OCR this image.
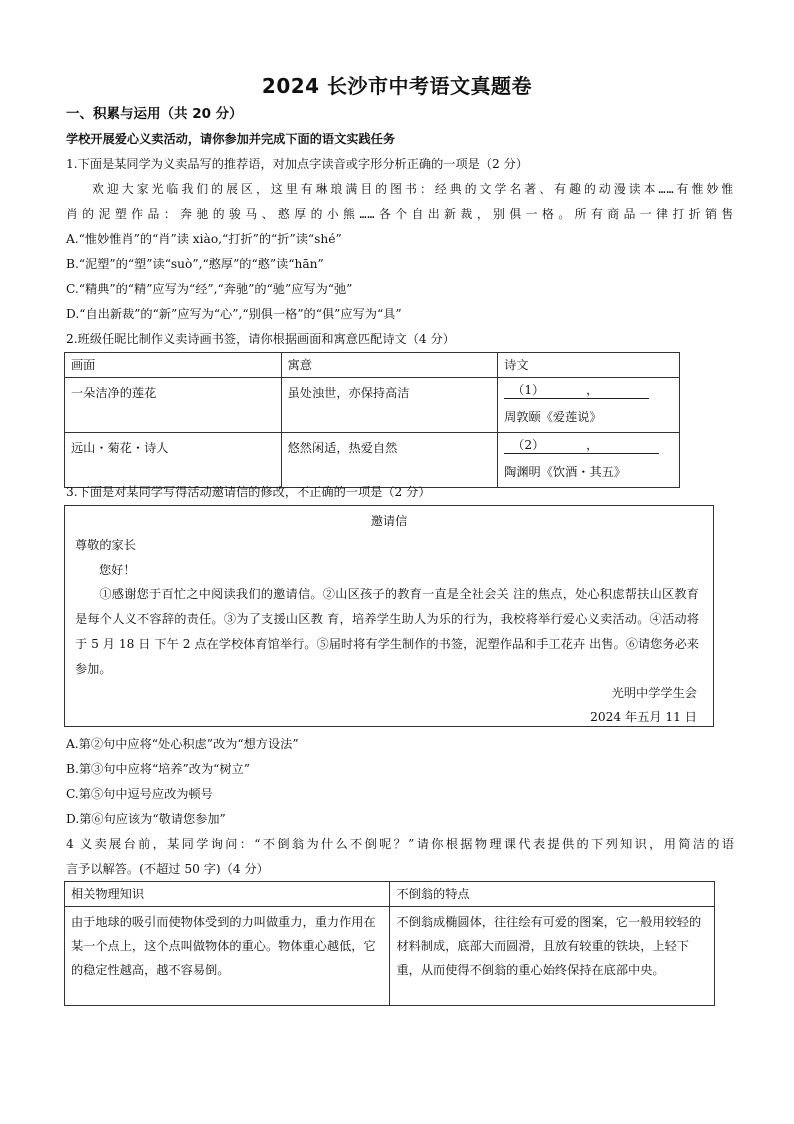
2024 长沙市中考语文真题卷
一、积累与运用（共 20 分）
学校开展爱心义卖活动，请你参加并完成下面的语文实践任务
1.下面是某同学为义卖品写的推荐语，对加点字读音或字形分析正确的一项是（2 分）
欢迎大家光临我们的展区，这里有琳琅满目的图书：经典的文学名著、有趣的动漫读本……有惟妙惟
肖的泥塑作品：奔驰的骏马、憨厚的小熊……各个自出新裁，别俱一格。所有商品一律打折销售
A.“惟妙惟肖”的“肖”读 xiào,“打折”的“折”读“shé”
B.“泥塑”的“塑”读“suò”,“憨厚”的“憨”读“hān”
C.“精典”的“精”应写为“经”,“奔驰”的“驰”应写为“弛”
D.“自出新裁”的“新”应写为“心”,“别俱一格”的“俱”应写为“具”
2.班级任昵比制作义卖诗画书签，请你根据画面和寓意匹配诗文（4 分）
画面	寓意	诗文
一朵洁净的莲花	虽处浊世，亦保持高洁	（1） ，
周敦颐《爱莲说》

远山・菊花・诗人	悠然闲适，热爱自然	（2） ，
陶渊明《饮酒・其五》
3.下面是对某同学写得活动邀请信的修改，不正确的一项是（2 分）
邀请信
尊敬的家长
您好！
①感谢您于百忙之中阅读我们的邀请信。②山区孩子的教育一直是全社会关 注的焦点，处心积虑帮扶山区教育是每个人义不容辞的责任。③为了支援山区教 育，培养学生助人为乐的行为，我校将举行爱心义卖活动。④活动将于 5 月 18 日 下午 2 点在学校体育馆举行。⑤届时将有学生制作的书签，泥塑作品和手工花卉 出售。⑥请您务必来参加。
光明中学学生会
2024 年五月 11 日
A.第②句中应将“处心积虑”改为“想方设法”
B.第③句中应将“培养”改为“树立”
C.第⑤句中逗号应改为顿号
D.第⑥句应该为“敬请您参加”
4 义卖展台前，某同学询问：“不倒翁为什么不倒呢？”请你根据物理课代表提供的下列知识，用简洁的语
言予以解答。(不超过 50 字)（4 分）
相关物理知识	不倒翁的特点
由于地球的吸引而使物体受到的力叫做重力，重力作用在某一个点上，这个点叫做物体的重心。物体重心越低，它的稳定性越高，越不容易倒。	不倒翁成椭圆体，往往绘有可爱的图案，它一般用较轻的材料制成，底部大而圆滑，且放有较重的铁块，上轻下重，从而使得不倒翁的重心始终保持在底部中央。
